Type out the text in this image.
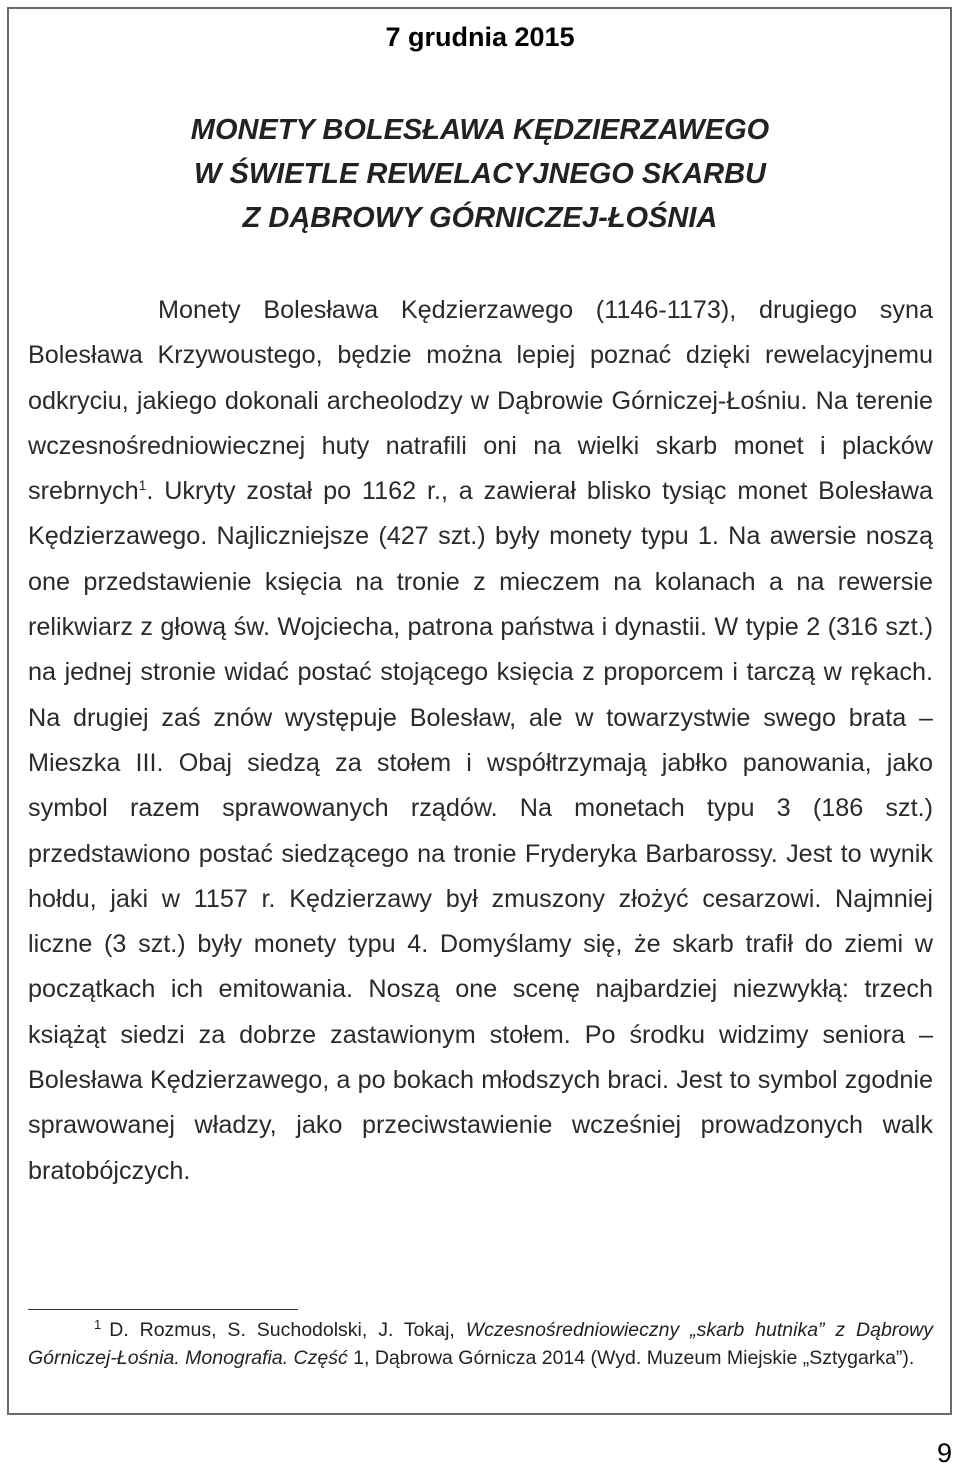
7 grudnia 2015
MONETY BOLESŁAWA KĘDZIERZAWEGO
W ŚWIETLE REWELACYJNEGO SKARBU
Z DĄBROWY GÓRNICZEJ-ŁOŚNIA

Monety Bolesława Kędzierzawego (1146-1173), drugiego syna Bolesława Krzywoustego, będzie można lepiej poznać dzięki rewelacyjnemu odkryciu, jakiego dokonali archeolodzy w Dąbrowie Górniczej-Łośniu. Na terenie wczesnośredniowiecznej huty natrafili oni na wielki skarb monet i placków srebrnych$^1$. Ukryty został po 1162 r., a zawierał blisko tysiąc monet Bolesława Kędzierzawego. Najliczniejsze (427 szt.) były monety typu 1. Na awersie noszą one przedstawienie księcia na tronie z mieczem na kolanach a na rewersie relikwiarz z głową św. Wojciecha, patrona państwa i dynastii. W typie 2 (316 szt.) na jednej stronie widać postać stojącego księcia z proporcem i tarczą w rękach. Na drugiej zaś znów występuje Bolesław, ale w towarzystwie swego brata – Mieszka III. Obaj siedzą za stołem i współtrzymają jabłko panowania, jako symbol razem sprawowanych rządów. Na monetach typu 3 (186 szt.) przedstawiono postać siedzącego na tronie Fryderyka Barbarossy. Jest to wynik hołdu, jaki w 1157 r. Kędzierzawy był zmuszony złożyć cesarzowi. Najmniej liczne (3 szt.) były monety typu 4. Domyślamy się, że skarb trafił do ziemi w początkach ich emitowania. Noszą one scenę najbardziej niezwykłą: trzech książąt siedzi za dobrze zastawionym stołem. Po środku widzimy seniora – Bolesława Kędzierzawego, a po bokach młodszych braci. Jest to symbol zgodnie sprawowanej władzy, jako przeciwstawienie wcześniej prowadzonych walk bratobójczych.

$^1$ D. Rozmus, S. Suchodolski, J. Tokaj, Wczesnośredniowieczny „skarb hutnika” z Dąbrowy Górniczej-Łośnia. Monografia. Część 1, Dąbrowa Górnicza 2014 (Wyd. Muzeum Miejskie „Sztygarka”).
9
